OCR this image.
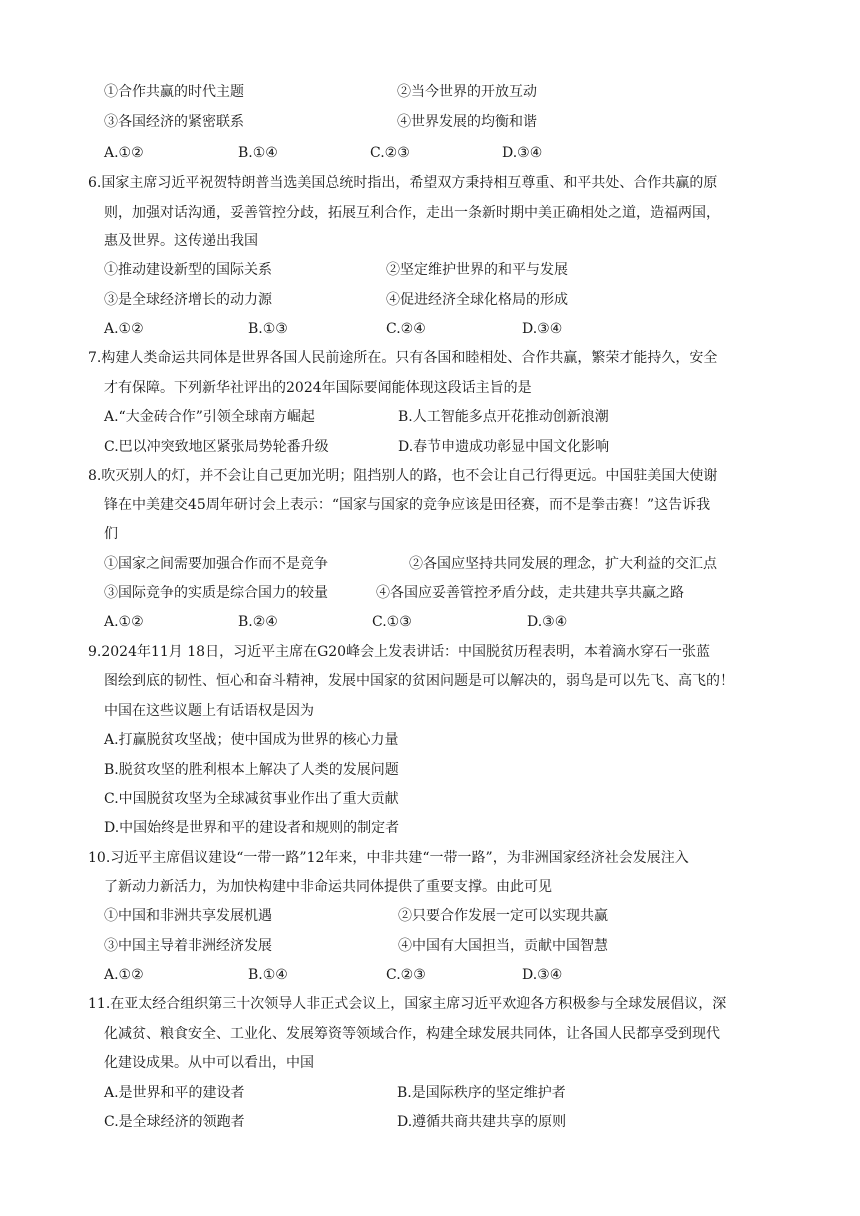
①合作共赢的时代主题	②当今世界的开放互动
③各国经济的紧密联系	④世界发展的均衡和谐
A.①②	B.①④	C.②③	D.③④
6.国家主席习近平祝贺特朗普当选美国总统时指出，希望双方秉持相互尊重、和平共处、合作共赢的原
则，加强对话沟通，妥善管控分歧，拓展互利合作，走出一条新时期中美正确相处之道，造福两国，
惠及世界。这传递出我国
①推动建设新型的国际关系	②坚定维护世界的和平与发展
③是全球经济增长的动力源	④促进经济全球化格局的形成
A.①②	B.①③	C.②④	D.③④
7.构建人类命运共同体是世界各国人民前途所在。只有各国和睦相处、合作共赢，繁荣才能持久，安全
才有保障。下列新华社评出的2024年国际要闻能体现这段话主旨的是
A.“大金砖合作”引领全球南方崛起	B.人工智能多点开花推动创新浪潮
C.巴以冲突致地区紧张局势轮番升级	D.春节申遗成功彰显中国文化影响
8.吹灭别人的灯，并不会让自己更加光明；阻挡别人的路，也不会让自己行得更远。中国驻美国大使谢
锋在中美建交45周年研讨会上表示：“国家与国家的竞争应该是田径赛，而不是拳击赛！”这告诉我
们
①国家之间需要加强合作而不是竞争	②各国应坚持共同发展的理念，扩大利益的交汇点
③国际竞争的实质是综合国力的较量	④各国应妥善管控矛盾分歧，走共建共享共赢之路
A.①②	B.②④	C.①③	D.③④
9.2024年11月 18日，习近平主席在G20峰会上发表讲话：中国脱贫历程表明，本着滴水穿石一张蓝
图绘到底的韧性、恒心和奋斗精神，发展中国家的贫困问题是可以解决的，弱鸟是可以先飞、高飞的！
中国在这些议题上有话语权是因为
A.打赢脱贫攻坚战；使中国成为世界的核心力量
B.脱贫攻坚的胜利根本上解决了人类的发展问题
C.中国脱贫攻坚为全球减贫事业作出了重大贡献
D.中国始终是世界和平的建设者和规则的制定者
10.习近平主席倡议建设“一带一路”12年来，中非共建“一带一路”，为非洲国家经济社会发展注入
了新动力新活力，为加快构建中非命运共同体提供了重要支撑。由此可见
①中国和非洲共享发展机遇	②只要合作发展一定可以实现共赢
③中国主导着非洲经济发展	④中国有大国担当，贡献中国智慧
A.①②	B.①④	C.②③	D.③④
11.在亚太经合组织第三十次领导人非正式会议上，国家主席习近平欢迎各方积极参与全球发展倡议，深
化减贫、粮食安全、工业化、发展筹资等领域合作，构建全球发展共同体，让各国人民都享受到现代
化建设成果。从中可以看出，中国
A.是世界和平的建设者	B.是国际秩序的坚定维护者
C.是全球经济的领跑者	D.遵循共商共建共享的原则
